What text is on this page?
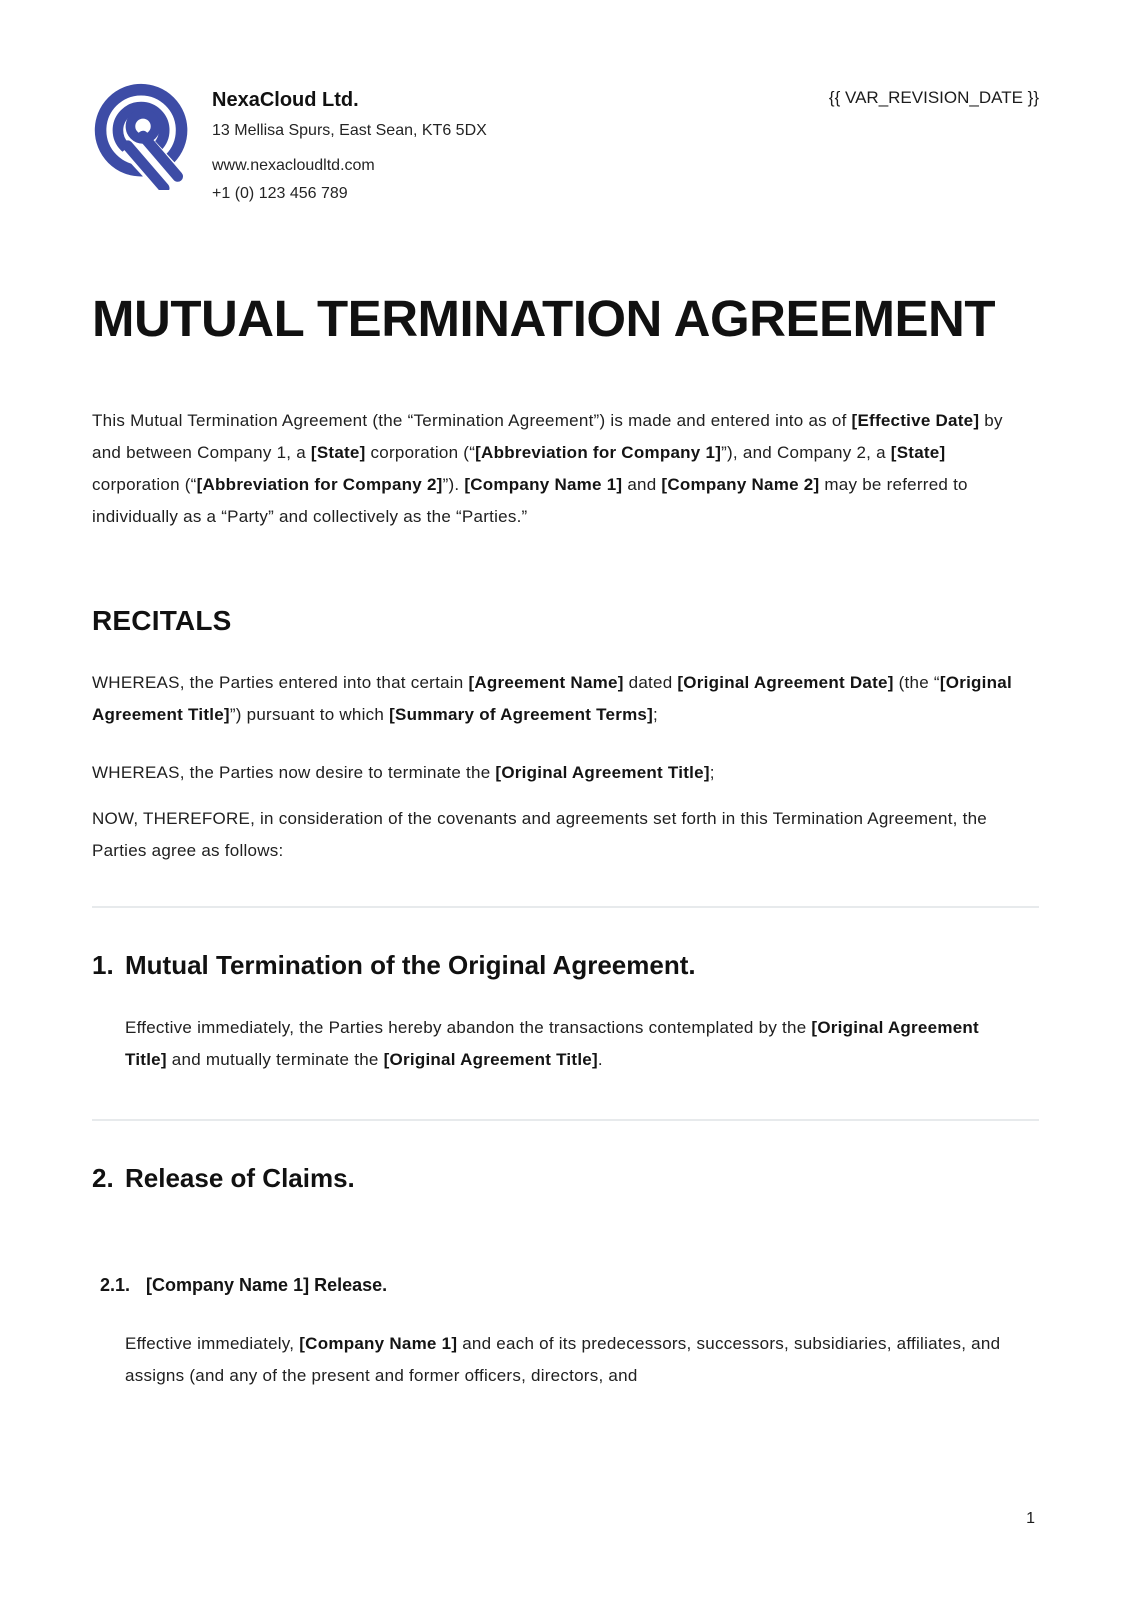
NexaCloud Ltd.
13 Mellisa Spurs, East Sean, KT6 5DX
www.nexacloudltd.com
+1 (0) 123 456 789
{{ VAR_REVISION_DATE }}
MUTUAL TERMINATION AGREEMENT

This Mutual Termination Agreement (the “Termination Agreement”) is made and entered into as of [Effective Date] by and between Company 1, a [State] corporation (“[Abbreviation for Company 1]”), and Company 2, a [State] corporation (“[Abbreviation for Company 2]”). [Company Name 1] and [Company Name 2] may be referred to individually as a “Party” and collectively as the “Parties.”

RECITALS

WHEREAS, the Parties entered into that certain [Agreement Name] dated [Original Agreement Date] (the “[Original Agreement Title]”) pursuant to which [Summary of Agreement Terms];

WHEREAS, the Parties now desire to terminate the [Original Agreement Title];

NOW, THEREFORE, in consideration of the covenants and agreements set forth in this Termination Agreement, the Parties agree as follows:

1. Mutual Termination of the Original Agreement.

Effective immediately, the Parties hereby abandon the transactions contemplated by the [Original Agreement Title] and mutually terminate the [Original Agreement Title].

2. Release of Claims.
2.1. [Company Name 1] Release.

Effective immediately, [Company Name 1] and each of its predecessors, successors, subsidiaries, affiliates, and assigns (and any of the present and former officers, directors, and

1
